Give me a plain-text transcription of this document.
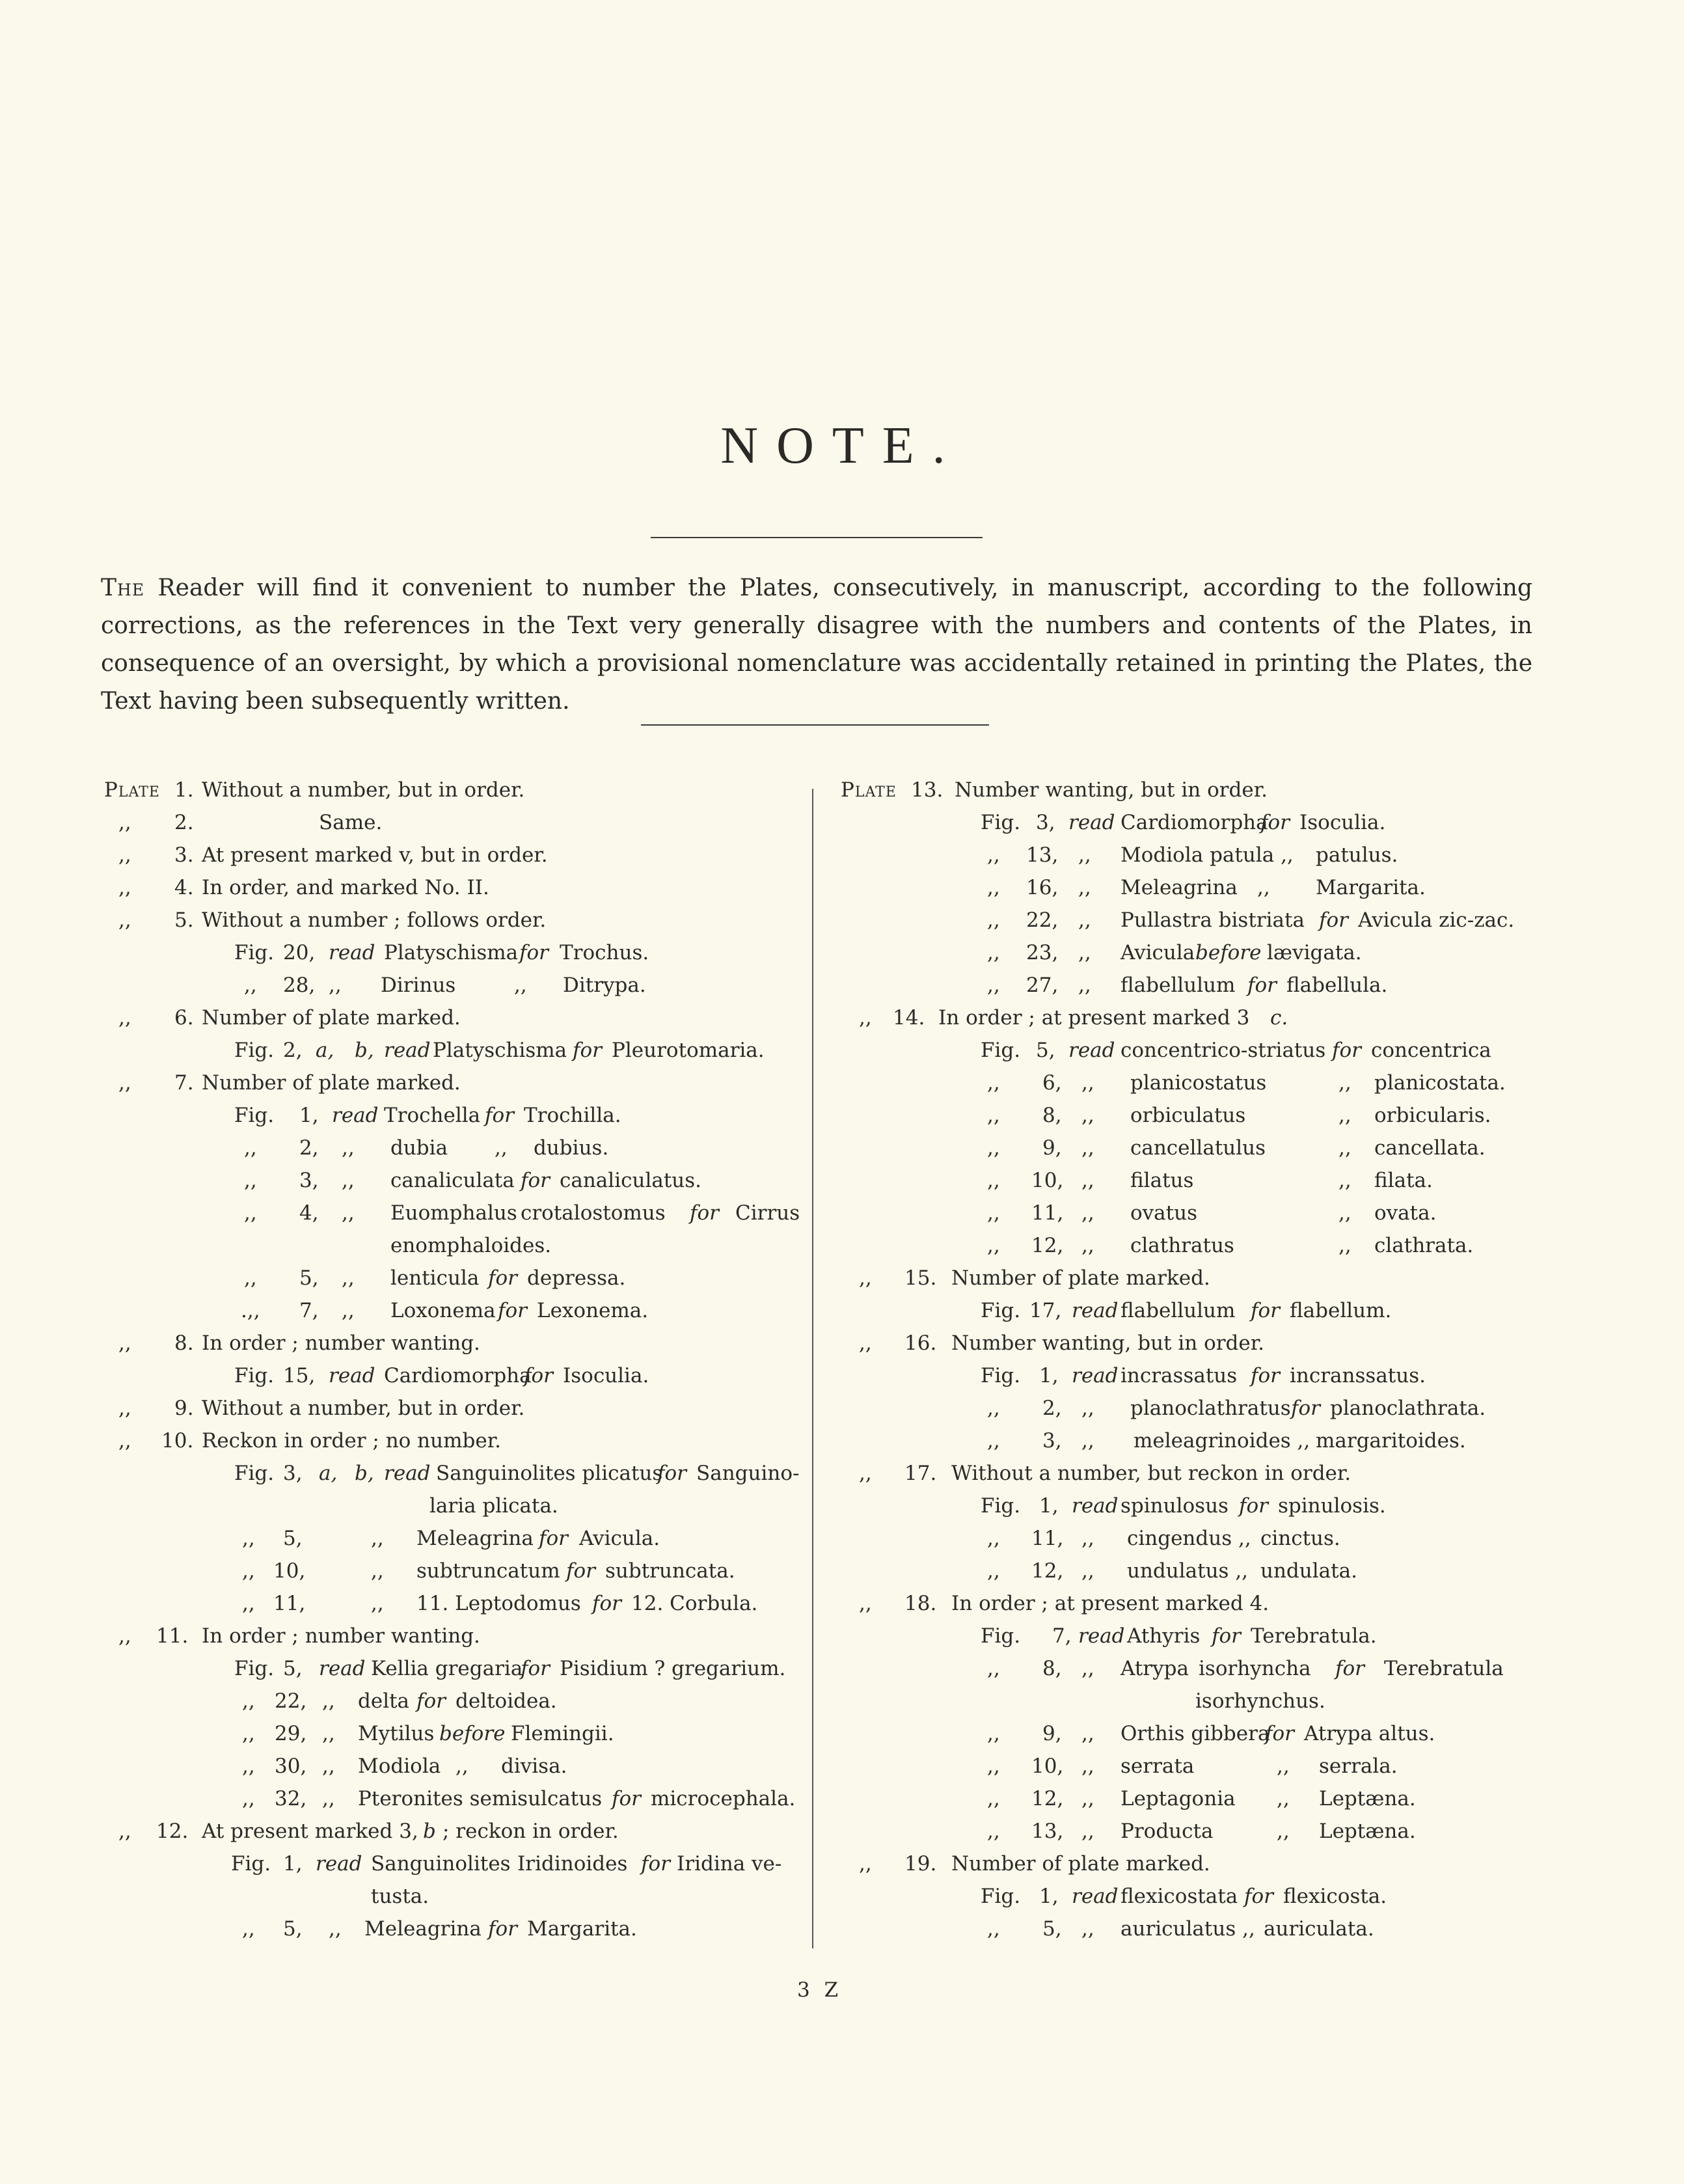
NOTE.
The Reader will find it convenient to number the Plates, consecutively, in manuscript, according to the following corrections, as the references in the Text very generally disagree with the numbers and contents of the Plates, in consequence of an oversight, by which a provisional nomenclature was accidentally retained in printing the Plates, the Text having been subsequently written.
Plate 1. Without a number, but in order.
,, 2.	Same.
,, 3. At present marked v, but in order.
,, 4. In order, and marked No. II.
,, 5. Without a number ; follows order.
Fig. 20, read Platyschisma for Trochus.
,, 28, ,, Dirinus	,, Ditrypa.
,, 6. Number of plate marked.
Fig. 2, a, b, read Platyschisma for Pleurotomaria.
,, 7. Number of plate marked.
Fig. 1, read Trochella for Trochilla.
,, 2, ,, dubia ,, dubius.
,, 3, ,, canaliculata for canaliculatus.
,, 4, ,, Euomphalus crotalostomus for Cirrus
enomphaloides.
,, 5, ,, lenticula for depressa.
.,, 7, ,, Loxonema for Lexonema.
,, 8. In order ; number wanting.
Fig. 15, read Cardiomorpha
for Isoculia.
,, 9. Without a number, but in order.
,, 10. Reckon in order ; no number.
Fig. 3, a, b, read Sanguinolites plicatus
for Sanguino-
laria plicata.
,, 5,	,, Meleagrina for Avicula.
,, 10,	,, subtruncatum for subtruncata.
,, 11,	,, 11. Leptodomus for 12. Corbula.
,, 11. In order ; number wanting.
Fig. 5, read Kellia gregaria
for Pisidium ? gregarium.
,, 22, ,, delta for deltoidea.
,, 29, ,, Mytilus before Flemingii.
,, 30, ,, Modiola ,, divisa.
,, 32, ,, Pteronites semisulcatus for microcephala.
,, 12. At present marked 3, b ; reckon in order.
Fig. 1, read Sanguinolites Iridinoides for Iridina ve-
tusta.
,, 5, ,, Meleagrina for Margarita.
Plate 13. Number wanting, but in order.
Fig. 3, read Cardiomorpha
for Isoculia.
,, 13, ,, Modiola patula ,, patulus.
,, 16, ,, Meleagrina ,, Margarita.
,, 22, ,, Pullastra bistriata for Avicula zic-zac.
,, 23, ,, Avicula before lævigata.
,, 27, ,, flabellulum for flabellula.
,, 14. In order ; at present marked 3 c.
Fig. 5, read concentrico-striatus for concentrica
,, 6, ,, planicostatus	,, planicostata.
,, 8, ,, orbiculatus	,, orbicularis.
,, 9, ,, cancellatulus	,, cancellata.
,, 10, ,, filatus	,, filata.
,, 11, ,, ovatus	,, ovata.
,, 12, ,, clathratus	,, clathrata.
,, 15. Number of plate marked.
Fig. 17, read flabellulum for flabellum.
,, 16. Number wanting, but in order.
Fig. 1, read incrassatus for incranssatus.
,, 2, ,, planoclathratus for planoclathrata.
,, 3, ,, meleagrinoides ,, margaritoides.
,, 17. Without a number, but reckon in order.
Fig. 1, read spinulosus for spinulosis.
,, 11, ,, cingendus ,, cinctus.
,, 12, ,, undulatus ,, undulata.
,, 18. In order ; at present marked 4.
Fig. 7, read Athyris for Terebratula.
,, 8, ,, Atrypa isorhyncha for Terebratula
isorhynchus.
,, 9, ,, Orthis gibbera
for Atrypa altus.
,, 10, ,, serrata	,, serrala.
,, 12, ,, Leptagonia ,, Leptæna.
,, 13, ,, Producta	,, Leptæna.
,, 19. Number of plate marked.
Fig. 1, read flexicostata for flexicosta.
,, 5, ,, auriculatus ,, auriculata.
3 Z
